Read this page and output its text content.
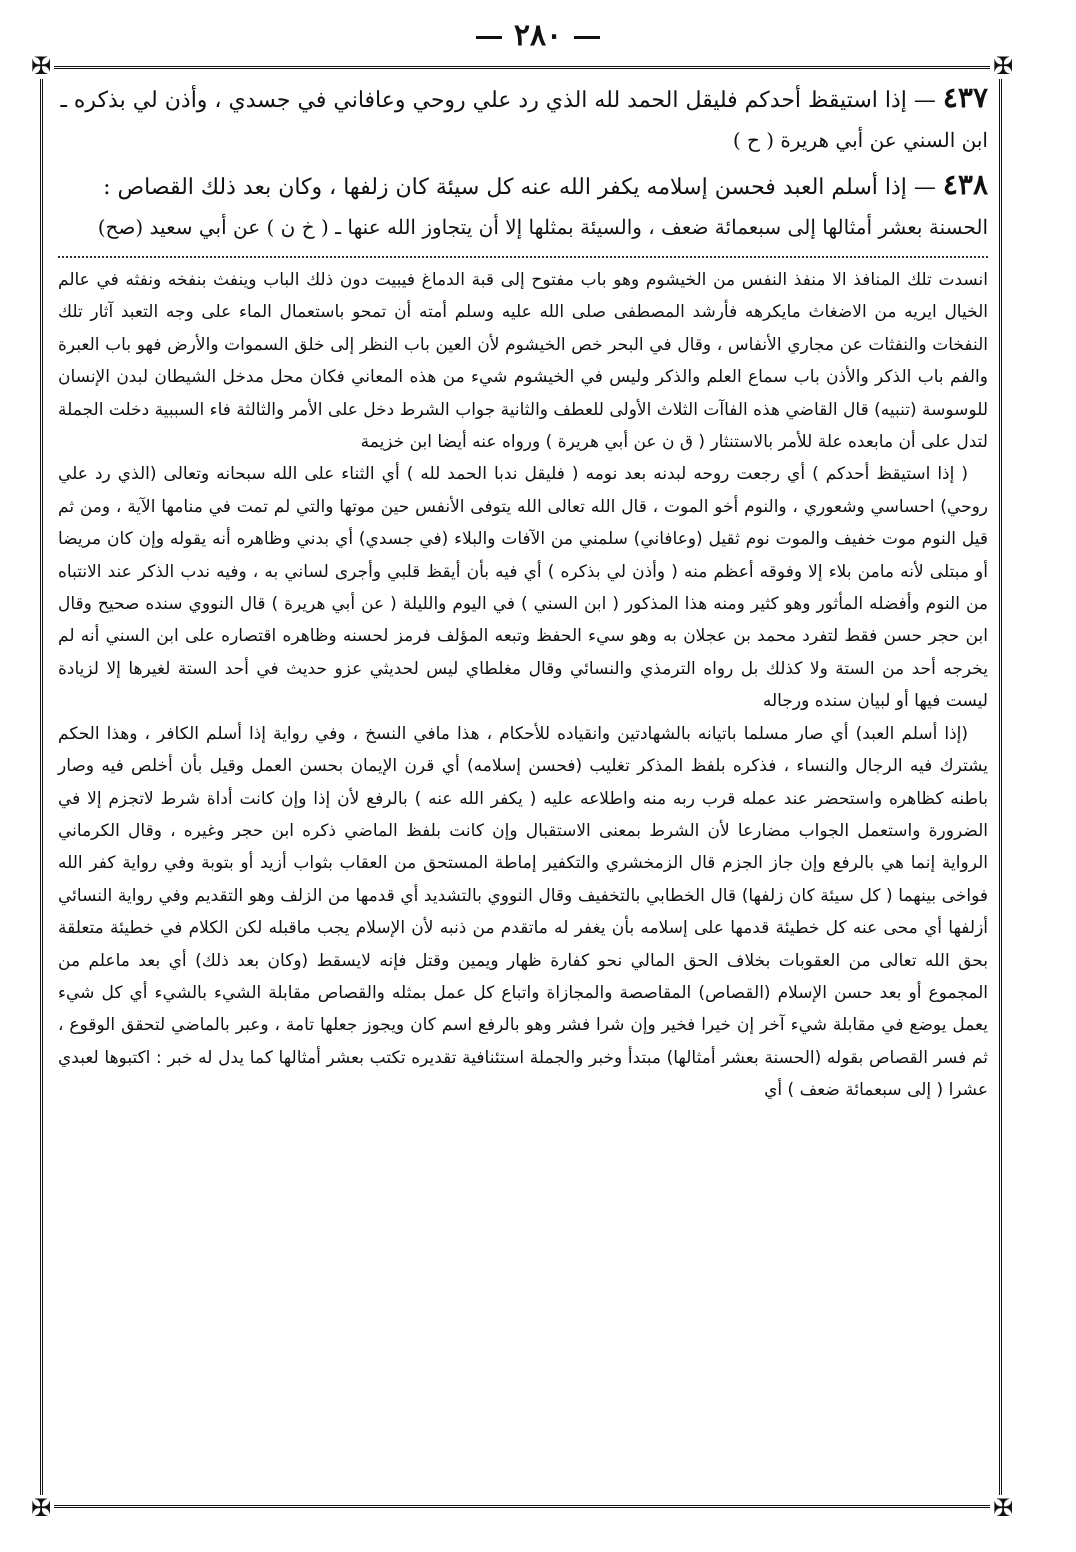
٢٨٠
✠	✠
✠	✠

٤٣٧ — إذا استيقظ أحدكم فليقل الحمد لله الذي رد علي روحي وعافاني في جسدي ، وأذن لي بذكره ـ

ابن السني عن أبي هريرة ( ح )

٤٣٨ — إذا أسلم العبد فحسن إسلامه يكفر الله عنه كل سيئة كان زلفها ، وكان بعد ذلك القصاص :

الحسنة بعشر أمثالها إلى سبعمائة ضعف ، والسيئة بمثلها إلا أن يتجاوز الله عنها ـ ( خ ن ) عن أبي سعيد (صح)

انسدت تلك المنافذ الا منفذ النفس من الخيشوم وهو باب مفتوح إلى قبة الدماغ فيبيت دون ذلك الباب وينفث بنفخه ونفثه في عالم الخيال ايريه من الاضغاث مايكرهه فأرشد المصطفى صلى الله عليه وسلم أمته أن تمحو باستعمال الماء على وجه التعبد آثار تلك النفخات والنفثات عن مجاري الأنفاس ، وقال في البحر خص الخيشوم لأن العين باب النظر إلى خلق السموات والأرض فهو باب العبرة والفم باب الذكر والأذن باب سماع العلم والذكر وليس في الخيشوم شيء من هذه المعاني فكان محل مدخل الشيطان لبدن الإنسان للوسوسة (تنبيه) قال القاضي هذه الفاآت الثلاث الأولى للعطف والثانية جواب الشرط دخل على الأمر والثالثة فاء السببية دخلت الجملة لتدل على أن مابعده علة للأمر بالاستنثار ( ق ن عن أبي هريرة ) ورواه عنه أيضا ابن خزيمة

( إذا استيقظ أحدكم ) أي رجعت روحه لبدنه بعد نومه ( فليقل ندبا الحمد لله ) أي الثناء على الله سبحانه وتعالى (الذي رد علي روحي) احساسي وشعوري ، والنوم أخو الموت ، قال الله تعالى الله يتوفى الأنفس حين موتها والتي لم تمت في منامها الآية ، ومن ثم قيل النوم موت خفيف والموت نوم ثقيل (وعافاني) سلمني من الآفات والبلاء (في جسدي) أي بدني وظاهره أنه يقوله وإن كان مريضا أو مبتلى لأنه مامن بلاء إلا وفوقه أعظم منه ( وأذن لي بذكره ) أي فيه بأن أيقظ قلبي وأجرى لساني به ، وفيه ندب الذكر عند الانتباه من النوم وأفضله المأثور وهو كثير ومنه هذا المذكور ( ابن السني ) في اليوم والليلة ( عن أبي هريرة ) قال النووي سنده صحيح وقال ابن حجر حسن فقط لتفرد محمد بن عجلان به وهو سيء الحفظ وتبعه المؤلف فرمز لحسنه وظاهره اقتصاره على ابن السني أنه لم يخرجه أحد من الستة ولا كذلك بل رواه الترمذي والنسائي وقال مغلطاي ليس لحديثي عزو حديث في أحد الستة لغيرها إلا لزيادة ليست فيها أو لبيان سنده ورجاله

(إذا أسلم العبد) أي صار مسلما باتيانه بالشهادتين وانقياده للأحكام ، هذا مافي النسخ ، وفي رواية إذا أسلم الكافر ، وهذا الحكم يشترك فيه الرجال والنساء ، فذكره بلفظ المذكر تغليب (فحسن إسلامه) أي قرن الإيمان بحسن العمل وقيل بأن أخلص فيه وصار باطنه كظاهره واستحضر عند عمله قرب ربه منه واطلاعه عليه ( يكفر الله عنه ) بالرفع لأن إذا وإن كانت أداة شرط لاتجزم إلا في الضرورة واستعمل الجواب مضارعا لأن الشرط بمعنى الاستقبال وإن كانت بلفظ الماضي ذكره ابن حجر وغيره ، وقال الكرماني الرواية إنما هي بالرفع وإن جاز الجزم قال الزمخشري والتكفير إماطة المستحق من العقاب بثواب أزيد أو بتوبة وفي رواية كفر الله فواخى بينهما ( كل سيئة كان زلفها) قال الخطابي بالتخفيف وقال النووي بالتشديد أي قدمها من الزلف وهو التقديم وفي رواية النسائي أزلفها أي محى عنه كل خطيئة قدمها على إسلامه بأن يغفر له ماتقدم من ذنبه لأن الإسلام يجب ماقبله لكن الكلام في خطيئة متعلقة بحق الله تعالى من العقوبات بخلاف الحق المالي نحو كفارة ظهار ويمين وقتل فإنه لايسقط (وكان بعد ذلك) أي بعد ماعلم من المجموع أو بعد حسن الإسلام (القصاص) المقاصصة والمجازاة واتباع كل عمل بمثله والقصاص مقابلة الشيء بالشيء أي كل شيء يعمل يوضع في مقابلة شيء آخر إن خيرا فخير وإن شرا فشر وهو بالرفع اسم كان ويجوز جعلها تامة ، وعبر بالماضي لتحقق الوقوع ، ثم فسر القصاص بقوله (الحسنة بعشر أمثالها) مبتدأ وخبر والجملة استئنافية تقديره تكتب بعشر أمثالها كما يدل له خبر : اكتبوها لعبدي عشرا ( إلى سبعمائة ضعف ) أي
